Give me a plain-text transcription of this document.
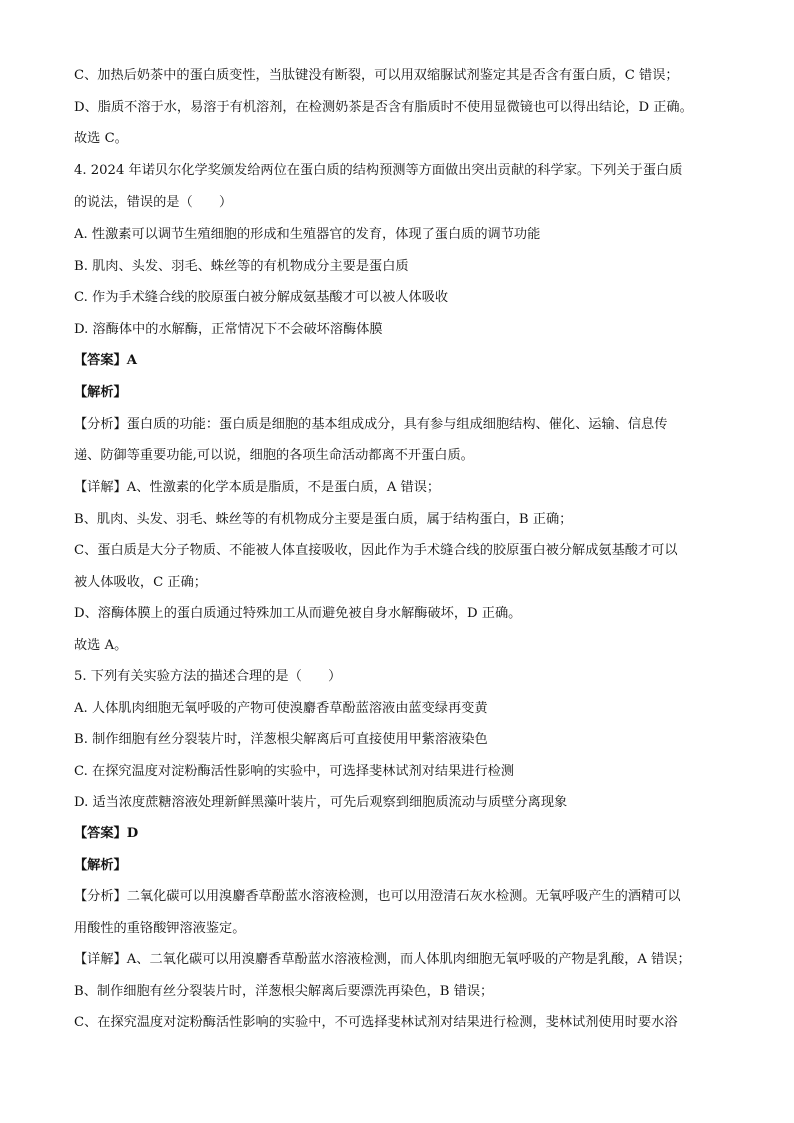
C、加热后奶茶中的蛋白质变性，当肽键没有断裂，可以用双缩脲试剂鉴定其是否含有蛋白质，C 错误；
D、脂质不溶于水，易溶于有机溶剂，在检测奶茶是否含有脂质时不使用显微镜也可以得出结论，D 正确。
故选 C。
4. 2024 年诺贝尔化学奖颁发给两位在蛋白质的结构预测等方面做出突出贡献的科学家。下列关于蛋白质
的说法，错误的是（　　）
A. 性激素可以调节生殖细胞的形成和生殖器官的发育，体现了蛋白质的调节功能
B. 肌肉、头发、羽毛、蛛丝等的有机物成分主要是蛋白质
C. 作为手术缝合线的胶原蛋白被分解成氨基酸才可以被人体吸收
D. 溶酶体中的水解酶，正常情况下不会破坏溶酶体膜
【答案】A
【解析】
【分析】蛋白质的功能：蛋白质是细胞的基本组成成分，具有参与组成细胞结构、催化、运输、信息传
递、防御等重要功能,可以说，细胞的各项生命活动都离不开蛋白质。
【详解】A、性激素的化学本质是脂质，不是蛋白质，A 错误；
B、肌肉、头发、羽毛、蛛丝等的有机物成分主要是蛋白质，属于结构蛋白，B 正确；
C、蛋白质是大分子物质、不能被人体直接吸收，因此作为手术缝合线的胶原蛋白被分解成氨基酸才可以
被人体吸收，C 正确；
D、溶酶体膜上的蛋白质通过特殊加工从而避免被自身水解酶破坏，D 正确。
故选 A。
5. 下列有关实验方法的描述合理的是（　　）
A. 人体肌肉细胞无氧呼吸的产物可使溴麝香草酚蓝溶液由蓝变绿再变黄
B. 制作细胞有丝分裂装片时，洋葱根尖解离后可直接使用甲紫溶液染色
C. 在探究温度对淀粉酶活性影响的实验中，可选择斐林试剂对结果进行检测
D. 适当浓度蔗糖溶液处理新鲜黑藻叶装片，可先后观察到细胞质流动与质壁分离现象
【答案】D
【解析】
【分析】二氧化碳可以用溴麝香草酚蓝水溶液检测，也可以用澄清石灰水检测。无氧呼吸产生的酒精可以
用酸性的重铬酸钾溶液鉴定。
【详解】A、二氧化碳可以用溴麝香草酚蓝水溶液检测，而人体肌肉细胞无氧呼吸的产物是乳酸，A 错误；
B、制作细胞有丝分裂装片时，洋葱根尖解离后要漂洗再染色，B 错误；
C、在探究温度对淀粉酶活性影响的实验中，不可选择斐林试剂对结果进行检测，斐林试剂使用时要水浴
